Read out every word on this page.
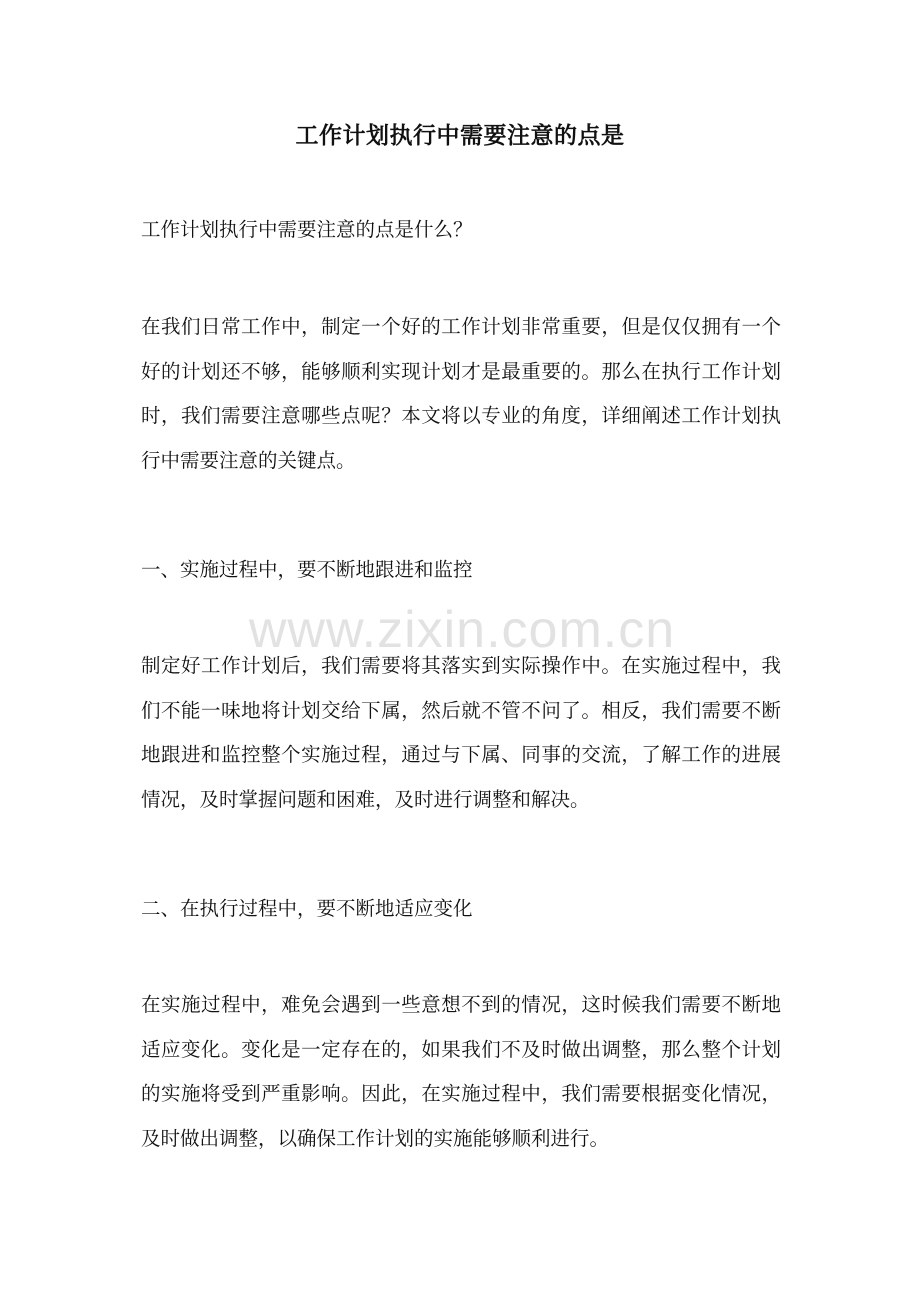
工作计划执行中需要注意的点是
工作计划执行中需要注意的点是什么？
在我们日常工作中，制定一个好的工作计划非常重要，但是仅仅拥有一个好的计划还不够，能够顺利实现计划才是最重要的。那么在执行工作计划时，我们需要注意哪些点呢？本文将以专业的角度，详细阐述工作计划执行中需要注意的关键点。
一、实施过程中，要不断地跟进和监控
制定好工作计划后，我们需要将其落实到实际操作中。在实施过程中，我们不能一味地将计划交给下属，然后就不管不问了。相反，我们需要不断地跟进和监控整个实施过程，通过与下属、同事的交流，了解工作的进展情况，及时掌握问题和困难，及时进行调整和解决。
二、在执行过程中，要不断地适应变化
在实施过程中，难免会遇到一些意想不到的情况，这时候我们需要不断地适应变化。变化是一定存在的，如果我们不及时做出调整，那么整个计划的实施将受到严重影响。因此，在实施过程中，我们需要根据变化情况，及时做出调整，以确保工作计划的实施能够顺利进行。
www.zixin.com.cn
